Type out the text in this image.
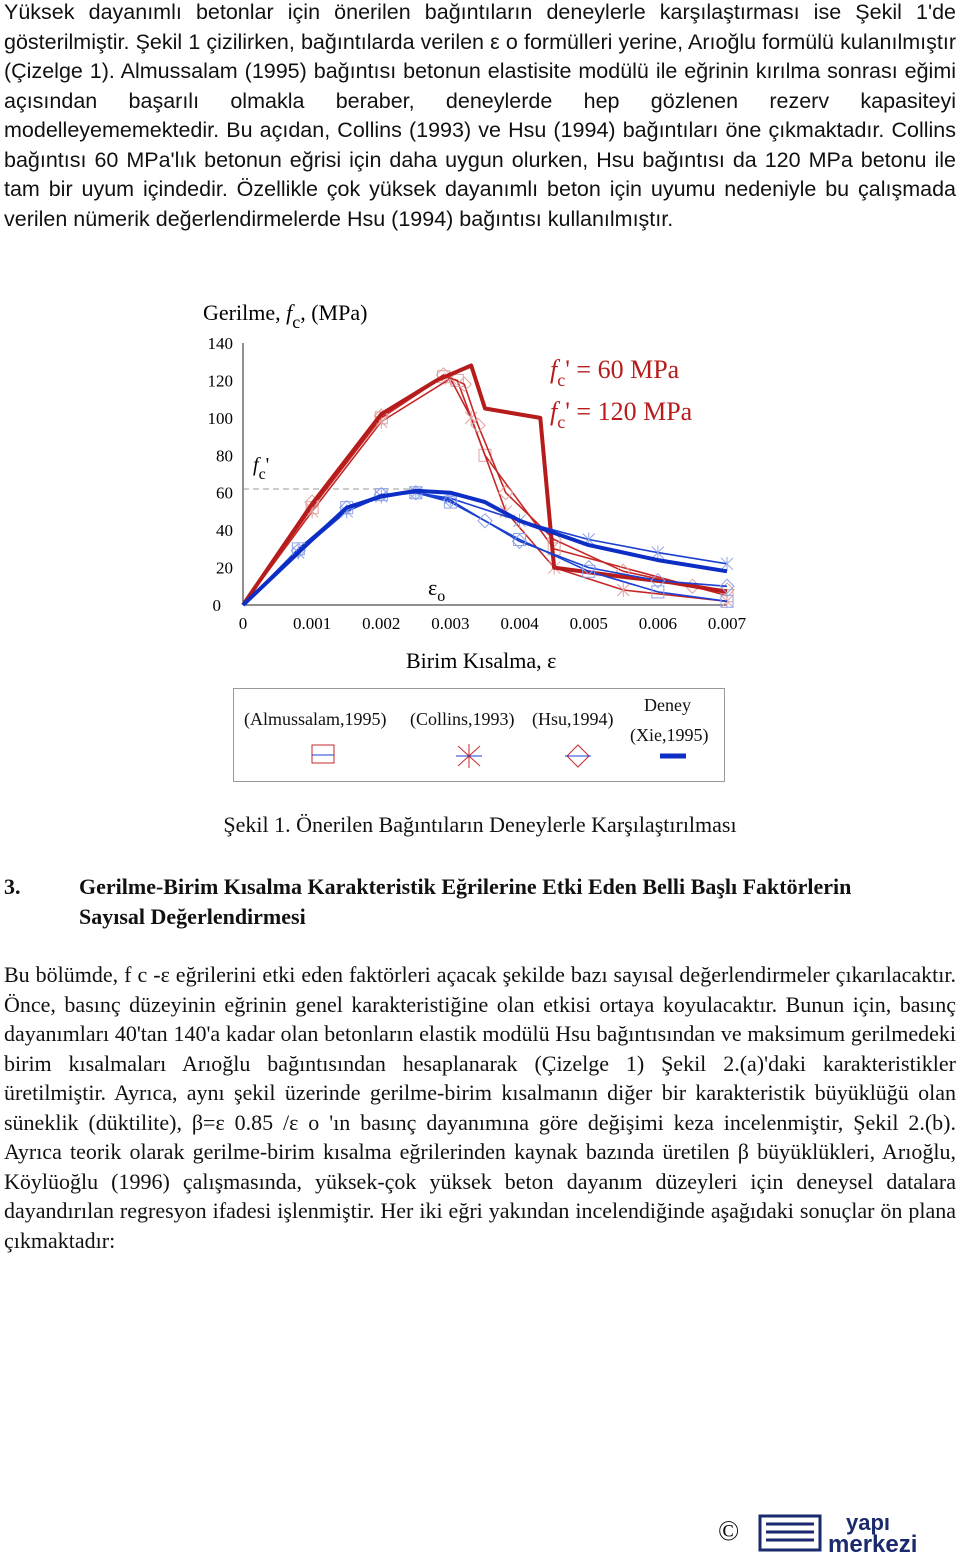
Yüksek dayanımlı betonlar için önerilen bağıntıların deneylerle karşılaştırması ise Şekil 1'de gösterilmiştir. Şekil 1 çizilirken, bağıntılarda verilen ε o formülleri yerine, Arıoğlu formülü kulanılmıştır (Çizelge 1). Almussalam (1995) bağıntısı betonun elastisite modülü ile eğrinin kırılma sonrası eğimi açısından başarılı olmakla beraber, deneylerde hep gözlenen rezerv kapasiteyi modelleyememektedir. Bu açıdan, Collins (1993) ve Hsu (1994) bağıntıları öne çıkmaktadır. Collins bağıntısı 60 MPa'lık betonun eğrisi için daha uygun olurken, Hsu bağıntısı da 120 MPa betonu ile tam bir uyum içindedir. Özellikle çok yüksek dayanımlı beton için uyumu nedeniyle bu çalışmada verilen nümerik değerlendirmelerde Hsu (1994) bağıntısı kullanılmıştır.
Gerilme, $f_c$, (MPa)
Birim Kısalma, ε
$f_c'$
$\varepsilon_o$
$f_c' = 60$ MPa
$f_c' = 120$ MPa
0
20
40
60
80
100
120
140
0	0.001 0.002 0.003 0.004 0.005 0.006 0.007
(Almussalam,1995) (Collins,1993) (Hsu,1994)
Deney
(Xie,1995)
Şekil 1. Önerilen Bağıntıların Deneylerle Karşılaştırılması
3.	Gerilme-Birim Kısalma Karakteristik Eğrilerine Etki Eden Belli Başlı Faktörlerin Sayısal Değerlendirmesi
Bu bölümde, f c -ε eğrilerini etki eden faktörleri açacak şekilde bazı sayısal değerlendirmeler çıkarılacaktır. Önce, basınç düzeyinin eğrinin genel karakteristiğine olan etkisi ortaya koyulacaktır. Bunun için, basınç dayanımları 40'tan 140'a kadar olan betonların elastik modülü Hsu bağıntısından ve maksimum gerilmedeki birim kısalmaları Arıoğlu bağıntısından hesaplanarak (Çizelge 1) Şekil 2.(a)'daki karakteristikler üretilmiştir. Ayrıca, aynı şekil üzerinde gerilme-birim kısalmanın diğer bir karakteristik büyüklüğü olan süneklik (düktilite), β=ε 0.85 /ε o 'ın basınç dayanımına göre değişimi keza incelenmiştir, Şekil 2.(b). Ayrıca teorik olarak gerilme-birim kısalma eğrilerinden kaynak bazında üretilen β büyüklükleri, Arıoğlu, Köylüoğlu (1996) çalışmasında, yüksek-çok yüksek beton dayanım düzeyleri için deneysel datalara dayandırılan regresyon ifadesi işlenmiştir. Her iki eğri yakından incelendiğinde aşağıdaki sonuçlar ön plana çıkmaktadır:
©	yapı
merkezi
